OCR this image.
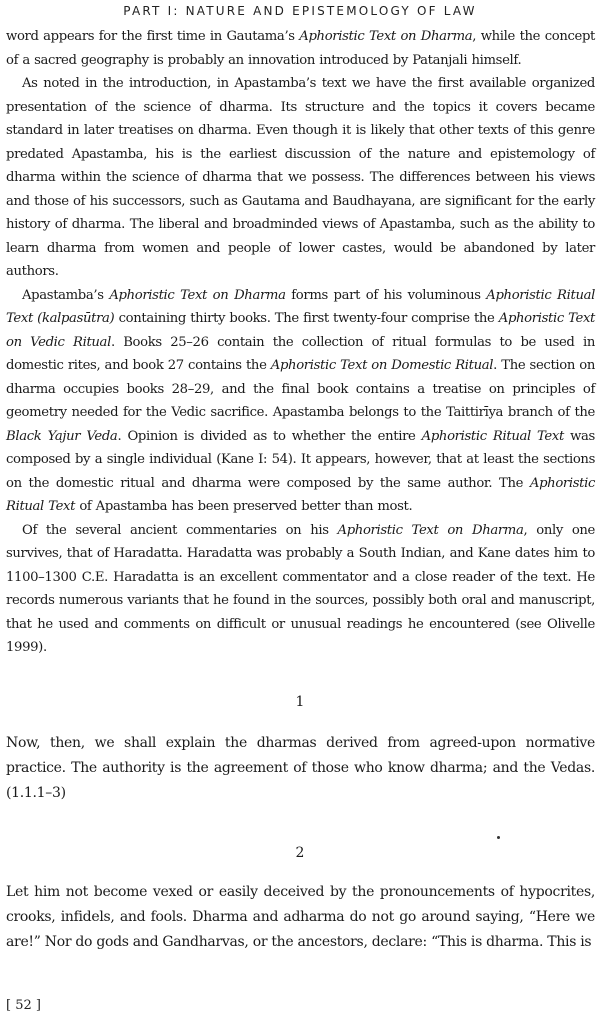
PART I: NATURE AND EPISTEMOLOGY OF LAW

word appears for the first time in Gautama’s Aphoristic Text on Dharma, while the concept of a sacred geography is probably an innovation introduced by Patanjali himself.

As noted in the introduction, in Apastamba’s text we have the first available organized presentation of the science of dharma. Its structure and the topics it covers became standard in later treatises on dharma. Even though it is likely that other texts of this genre predated Apastamba, his is the earliest discussion of the nature and epistemology of dharma within the science of dharma that we possess. The differences between his views and those of his successors, such as Gautama and Baudhayana, are significant for the early history of dharma. The liberal and broadminded views of Apastamba, such as the ability to learn dharma from women and people of lower castes, would be abandoned by later authors.

Apastamba’s Aphoristic Text on Dharma forms part of his voluminous Aphoristic Ritual Text (kalpasūtra) containing thirty books. The first twenty-four comprise the Aphoristic Text on Vedic Ritual. Books 25–26 contain the collection of ritual formulas to be used in domestic rites, and book 27 contains the Aphoristic Text on Domestic Ritual. The section on dharma occupies books 28–29, and the final book contains a treatise on principles of geometry needed for the Vedic sacrifice. Apastamba belongs to the Taittirīya branch of the Black Yajur Veda. Opinion is divided as to whether the entire Aphoristic Ritual Text was composed by a single individual (Kane I: 54). It appears, however, that at least the sections on the domestic ritual and dharma were composed by the same author. The Aphoristic Ritual Text of Apastamba has been preserved better than most.

Of the several ancient commentaries on his Aphoristic Text on Dharma, only one survives, that of Haradatta. Haradatta was probably a South Indian, and Kane dates him to 1100–1300 C.E. Haradatta is an excellent commentator and a close reader of the text. He records numerous variants that he found in the sources, possibly both oral and manuscript, that he used and comments on difficult or unusual readings he encountered (see Olivelle 1999).

1

Now, then, we shall explain the dharmas derived from agreed-upon normative practice. The authority is the agreement of those who know dharma; and the Vedas. (1.1.1–3)

2

Let him not become vexed or easily deceived by the pronouncements of hypocrites, crooks, infidels, and fools. Dharma and adharma do not go around saying, “Here we are!” Nor do gods and Gandharvas, or the ancestors, declare: “This is dharma. This is

[ 52 ]
